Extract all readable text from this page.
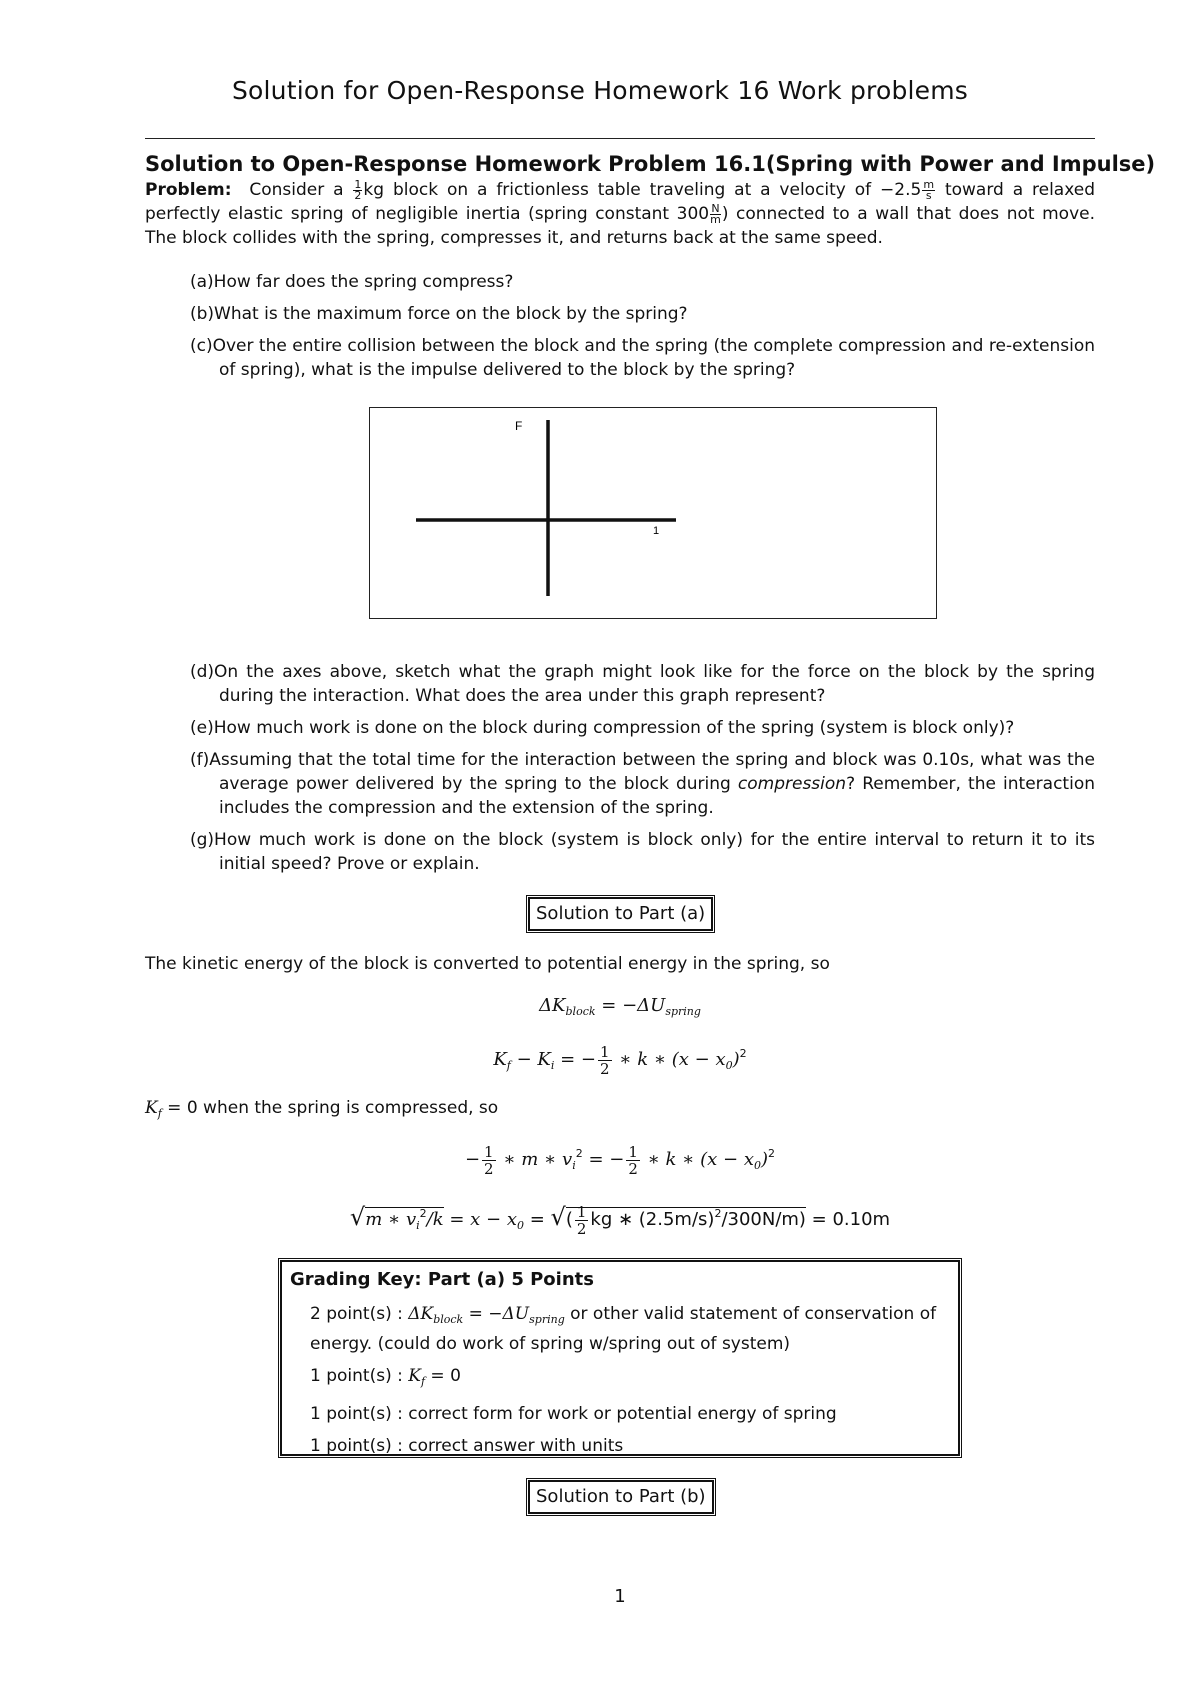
Solution for Open-Response Homework 16 Work problems
Solution to Open-Response Homework Problem 16.1(Spring with Power and Impulse)
Problem: Consider a $\frac{1}{2}$ kg block on a frictionless table traveling at a velocity of $-2.5 \frac{m}{s}$ toward a relaxed perfectly elastic spring of negligible inertia (spring constant $300 \frac{N}{m}$ ) connected to a wall that does not move. The block collides with the spring, compresses it, and returns back at the same speed.
(a)How far does the spring compress?
(b)What is the maximum force on the block by the spring?
(c)Over the entire collision between the block and the spring (the complete compression and re-extension of spring), what is the impulse delivered to the block by the spring?
F
1
(d)On the axes above, sketch what the graph might look like for the force on the block by the spring during the interaction. What does the area under this graph represent?
(e)How much work is done on the block during compression of the spring (system is block only)?
(f)Assuming that the total time for the interaction between the spring and block was 0.10s, what was the average power delivered by the spring to the block during compression? Remember, the interaction includes the compression and the extension of the spring.
(g)How much work is done on the block (system is block only) for the entire interval to return it to its initial speed? Prove or explain.
Solution to Part (a)
The kinetic energy of the block is converted to potential energy in the spring, so
$\Delta K_{block} = -\Delta U_{spring}$
$K_f - K_i$ = − $\frac{1}{2}$ ∗ k ∗ $(x - x_0)^2$
$K_f = 0$ when the spring is compressed, so
− $\frac{1}{2}$ ∗ m ∗ $v_i^2$ = − $\frac{1}{2}$ ∗ k ∗ $(x - x_0)^2$
√m ∗ $v_i^2/k = x - x_0$ = √( $\frac{1}{2}$ kg ∗ $(2.5m/s)^2/300N/m) = 0.10m$
Grading Key: Part (a) 5 Points
2 point(s) : $\Delta K_{block} = -\Delta U_{spring}$ or other valid statement of conservation of energy. (could do work of spring w/spring out of system)
1 point(s) : $K_f = 0$
1 point(s) : correct form for work or potential energy of spring
1 point(s) : correct answer with units
Solution to Part (b)
1
